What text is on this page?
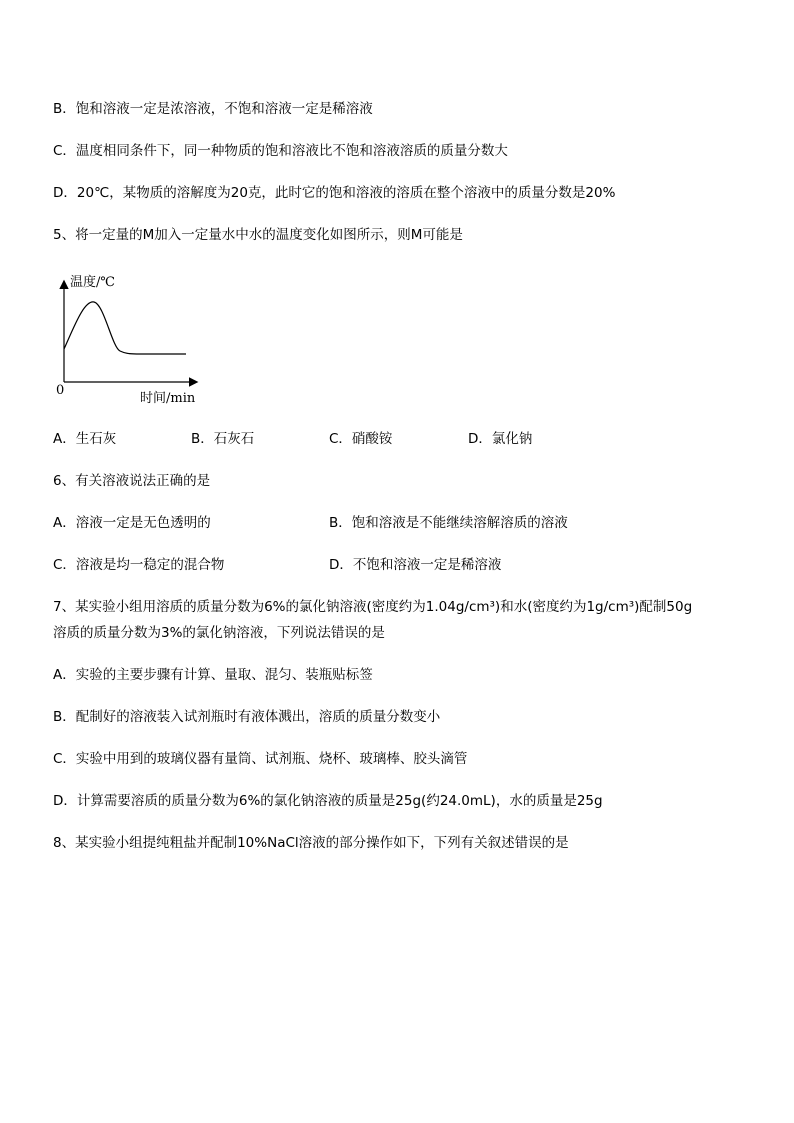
B．饱和溶液一定是浓溶液，不饱和溶液一定是稀溶液
C．温度相同条件下，同一种物质的饱和溶液比不饱和溶液溶质的质量分数大
D．20℃，某物质的溶解度为20克，此时它的饱和溶液的溶质在整个溶液中的质量分数是20%
5、将一定量的M加入一定量水中水的温度变化如图所示，则M可能是
温度/℃
时间/min
0
A．生石灰	B．石灰石	C．硝酸铵	D．氯化钠
6、有关溶液说法正确的是
A．溶液一定是无色透明的	B．饱和溶液是不能继续溶解溶质的溶液
C．溶液是均一稳定的混合物	D．不饱和溶液一定是稀溶液
7、某实验小组用溶质的质量分数为6%的氯化钠溶液(密度约为1.04g/cm³)和水(密度约为1g/cm³)配制50g
溶质的质量分数为3%的氯化钠溶液，下列说法错误的是
A．实验的主要步骤有计算、量取、混匀、装瓶贴标签
B．配制好的溶液装入试剂瓶时有液体溅出，溶质的质量分数变小
C．实验中用到的玻璃仪器有量筒、试剂瓶、烧杯、玻璃棒、胶头滴管
D．计算需要溶质的质量分数为6%的氯化钠溶液的质量是25g(约24.0mL)，水的质量是25g
8、某实验小组提纯粗盐并配制10%NaCl溶液的部分操作如下，下列有关叙述错误的是
